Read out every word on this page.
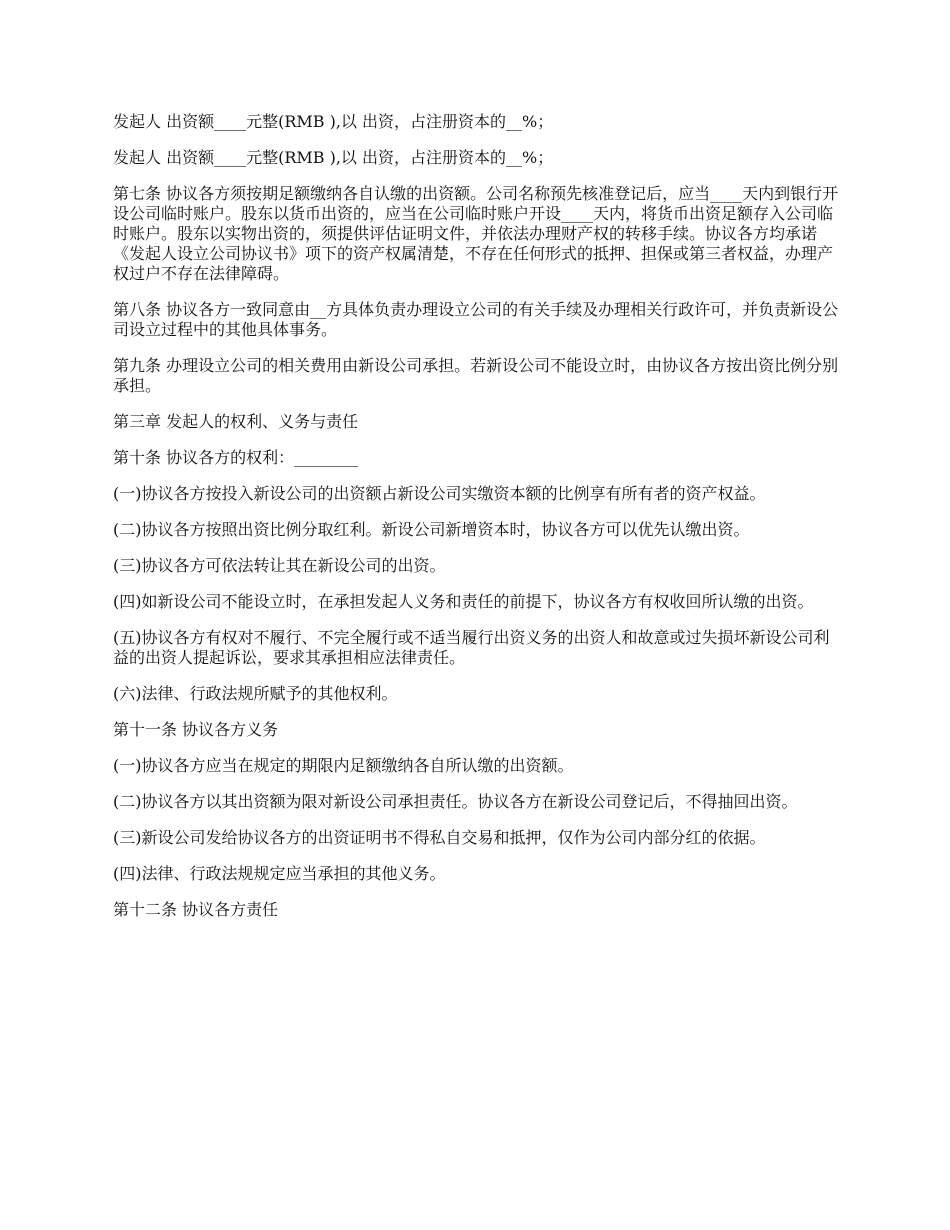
发起人 出资额____元整(RMB ),以 出资，占注册资本的__%；

发起人 出资额____元整(RMB ),以 出资，占注册资本的__%；

第七条 协议各方须按期足额缴纳各自认缴的出资额。公司名称预先核准登记后，应当____天内到银行开设公司临时账户。股东以货币出资的，应当在公司临时账户开设____天内，将货币出资足额存入公司临时账户。股东以实物出资的，须提供评估证明文件，并依法办理财产权的转移手续。协议各方均承诺《发起人设立公司协议书》项下的资产权属清楚，不存在任何形式的抵押、担保或第三者权益，办理产权过户不存在法律障碍。

第八条 协议各方一致同意由__方具体负责办理设立公司的有关手续及办理相关行政许可，并负责新设公司设立过程中的其他具体事务。

第九条 办理设立公司的相关费用由新设公司承担。若新设公司不能设立时，由协议各方按出资比例分别承担。

第三章 发起人的权利、义务与责任

第十条 协议各方的权利：________

(一)协议各方按投入新设公司的出资额占新设公司实缴资本额的比例享有所有者的资产权益。

(二)协议各方按照出资比例分取红利。新设公司新增资本时，协议各方可以优先认缴出资。

(三)协议各方可依法转让其在新设公司的出资。

(四)如新设公司不能设立时，在承担发起人义务和责任的前提下，协议各方有权收回所认缴的出资。

(五)协议各方有权对不履行、不完全履行或不适当履行出资义务的出资人和故意或过失损坏新设公司利益的出资人提起诉讼，要求其承担相应法律责任。

(六)法律、行政法规所赋予的其他权利。

第十一条 协议各方义务

(一)协议各方应当在规定的期限内足额缴纳各自所认缴的出资额。

(二)协议各方以其出资额为限对新设公司承担责任。协议各方在新设公司登记后，不得抽回出资。

(三)新设公司发给协议各方的出资证明书不得私自交易和抵押，仅作为公司内部分红的依据。

(四)法律、行政法规规定应当承担的其他义务。

第十二条 协议各方责任
